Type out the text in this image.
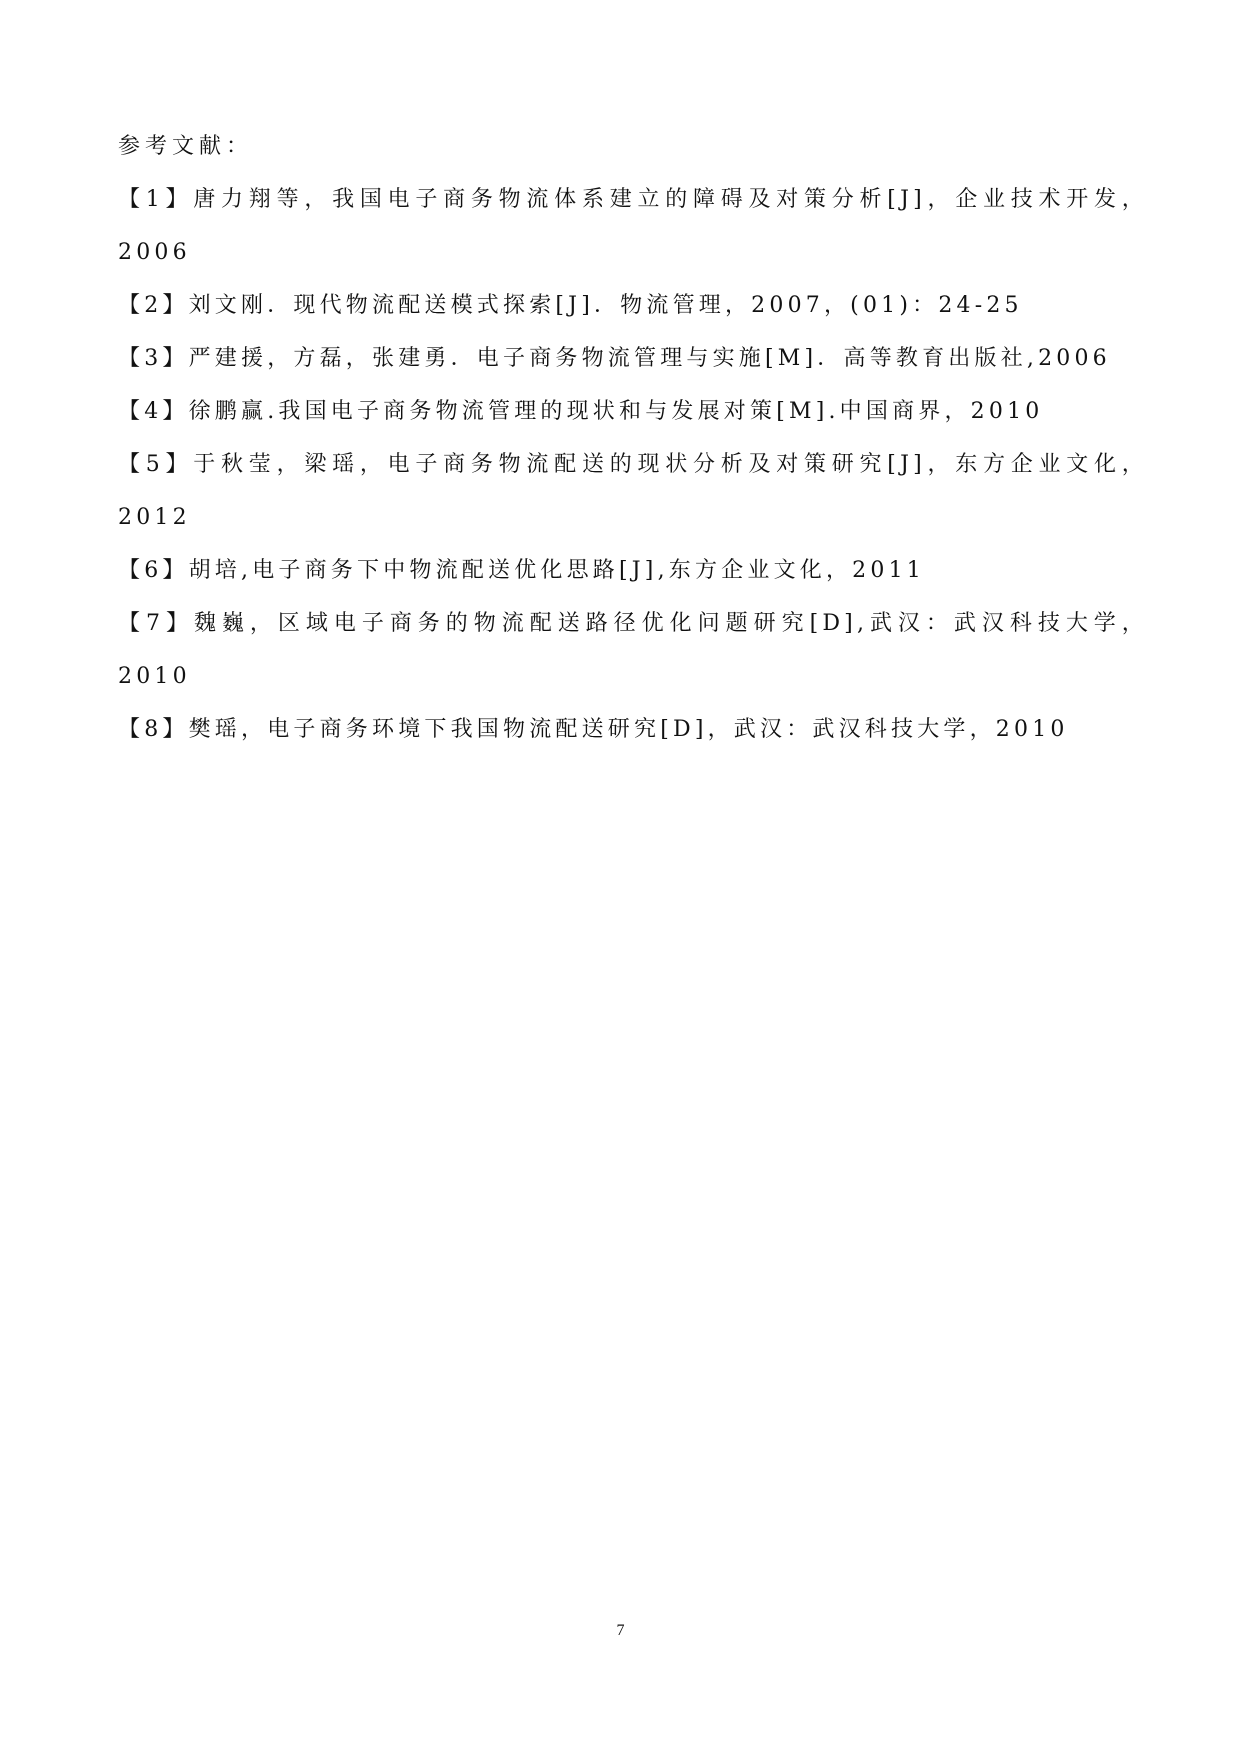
参考文献：

【1】唐力翔等，我国电子商务物流体系建立的障碍及对策分析[J]，企业技术开发，2006
【2】刘文刚．现代物流配送模式探索[J]．物流管理，2007，(01)：24-25
【3】严建援，方磊，张建勇．电子商务物流管理与实施[M]．高等教育出版社,2006
【4】徐鹏赢.我国电子商务物流管理的现状和与发展对策[M].中国商界，2010
【5】于秋莹，梁瑶，电子商务物流配送的现状分析及对策研究[J]，东方企业文化，2012
【6】胡培,电子商务下中物流配送优化思路[J],东方企业文化，2011
【7】魏巍，区域电子商务的物流配送路径优化问题研究[D],武汉：武汉科技大学，2010
【8】樊瑶，电子商务环境下我国物流配送研究[D]，武汉：武汉科技大学，2010
7
